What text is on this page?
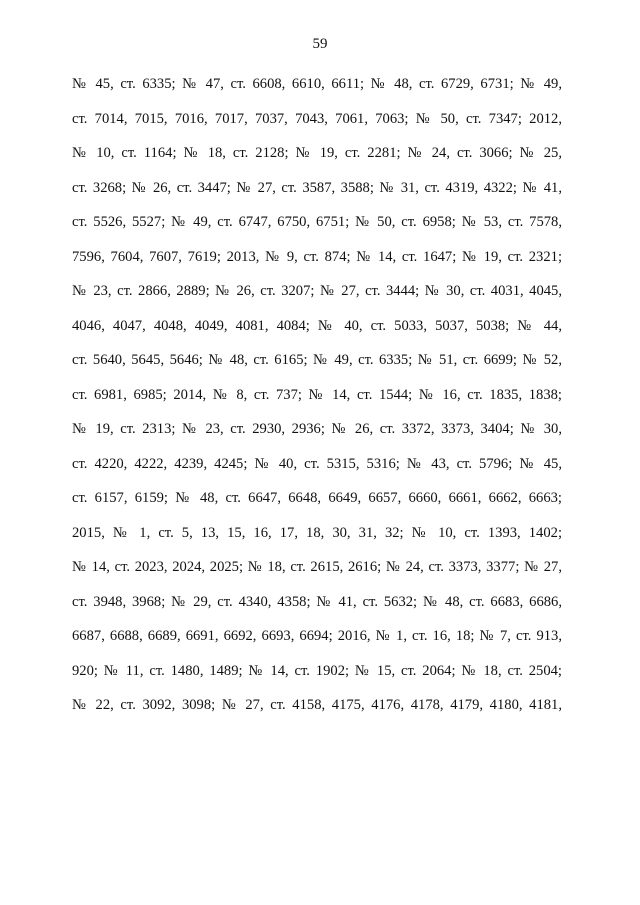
59
№ 45, ст. 6335; № 47, ст. 6608, 6610, 6611; № 48, ст. 6729, 6731; № 49,
ст. 7014, 7015, 7016, 7017, 7037, 7043, 7061, 7063; № 50, ст. 7347; 2012,
№ 10, ст. 1164; № 18, ст. 2128; № 19, ст. 2281; № 24, ст. 3066; № 25,
ст. 3268; № 26, ст. 3447; № 27, ст. 3587, 3588; № 31, ст. 4319, 4322; № 41,
ст. 5526, 5527; № 49, ст. 6747, 6750, 6751; № 50, ст. 6958; № 53, ст. 7578,
7596, 7604, 7607, 7619; 2013, № 9, ст. 874; № 14, ст. 1647; № 19, ст. 2321;
№ 23, ст. 2866, 2889; № 26, ст. 3207; № 27, ст. 3444; № 30, ст. 4031, 4045,
4046, 4047, 4048, 4049, 4081, 4084; № 40, ст. 5033, 5037, 5038; № 44,
ст. 5640, 5645, 5646; № 48, ст. 6165; № 49, ст. 6335; № 51, ст. 6699; № 52,
ст. 6981, 6985; 2014, № 8, ст. 737; № 14, ст. 1544; № 16, ст. 1835, 1838;
№ 19, ст. 2313; № 23, ст. 2930, 2936; № 26, ст. 3372, 3373, 3404; № 30,
ст. 4220, 4222, 4239, 4245; № 40, ст. 5315, 5316; № 43, ст. 5796; № 45,
ст. 6157, 6159; № 48, ст. 6647, 6648, 6649, 6657, 6660, 6661, 6662, 6663;
2015, № 1, ст. 5, 13, 15, 16, 17, 18, 30, 31, 32; № 10, ст. 1393, 1402;
№ 14, ст. 2023, 2024, 2025; № 18, ст. 2615, 2616; № 24, ст. 3373, 3377; № 27,
ст. 3948, 3968; № 29, ст. 4340, 4358; № 41, ст. 5632; № 48, ст. 6683, 6686,
6687, 6688, 6689, 6691, 6692, 6693, 6694; 2016, № 1, ст. 16, 18; № 7, ст. 913,
920; № 11, ст. 1480, 1489; № 14, ст. 1902; № 15, ст. 2064; № 18, ст. 2504;
№ 22, ст. 3092, 3098; № 27, ст. 4158, 4175, 4176, 4178, 4179, 4180, 4181,
